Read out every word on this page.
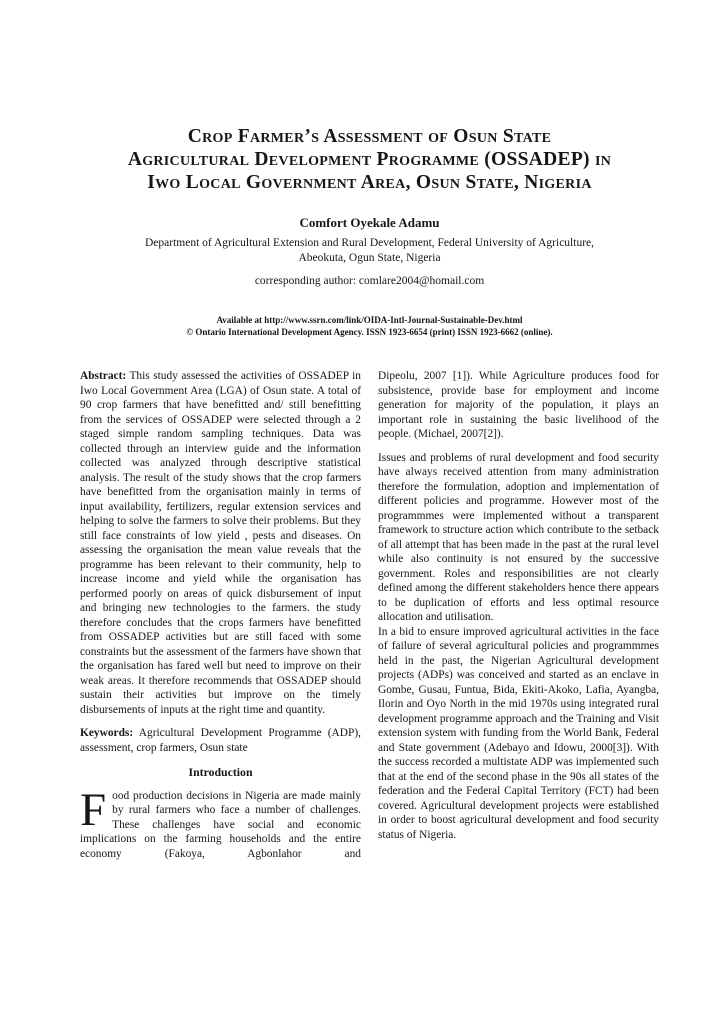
Crop Farmer’s Assessment of Osun State
Agricultural Development Programme (OSSADEP) in
Iwo Local Government Area, Osun State, Nigeria
Comfort Oyekale Adamu
Department of Agricultural Extension and Rural Development, Federal University of Agriculture,
Abeokuta, Ogun State, Nigeria
corresponding author: comlare2004@homail.com
Available at http://www.ssrn.com/link/OIDA-Intl-Journal-Sustainable-Dev.html
© Ontario International Development Agency. ISSN 1923-6654 (print) ISSN 1923-6662 (online).

Abstract: This study assessed the activities of OSSADEP in Iwo Local Government Area (LGA) of Osun state. A total of 90 crop farmers that have benefitted and/ still benefitting from the services of OSSADEP were selected through a 2 staged simple random sampling techniques. Data was collected through an interview guide and the information collected was analyzed through descriptive statistical analysis. The result of the study shows that the crop farmers have benefitted from the organisation mainly in terms of input availability, fertilizers, regular extension services and helping to solve the farmers to solve their problems. But they still face constraints of low yield , pests and diseases. On assessing the organisation the mean value reveals that the programme has been relevant to their community, help to increase income and yield while the organisation has performed poorly on areas of quick disbursement of input and bringing new technologies to the farmers. the study therefore concludes that the crops farmers have benefitted from OSSADEP activities but are still faced with some constraints but the assessment of the farmers have shown that the organisation has fared well but need to improve on their weak areas. It therefore recommends that OSSADEP should sustain their activities but improve on the timely disbursements of inputs at the right time and quantity.

Keywords: Agricultural Development Programme (ADP), assessment, crop farmers, Osun state

Introduction

Food production decisions in Nigeria are made mainly by rural farmers who face a number of challenges. These challenges have social and economic implications on the farming households and the entire economy (Fakoya, Agbonlahor and

Dipeolu, 2007 [1]). While Agriculture produces food for subsistence, provide base for employment and income generation for majority of the population, it plays an important role in sustaining the basic livelihood of the people. (Michael, 2007[2]).

Issues and problems of rural development and food security have always received attention from many administration therefore the formulation, adoption and implementation of different policies and programme. However most of the programmmes were implemented without a transparent framework to structure action which contribute to the setback of all attempt that has been made in the past at the rural level while also continuity is not ensured by the successive government. Roles and responsibilities are not clearly defined among the different stakeholders hence there appears to be duplication of efforts and less optimal resource allocation and utilisation.

In a bid to ensure improved agricultural activities in the face of failure of several agricultural policies and programmmes held in the past, the Nigerian Agricultural development projects (ADPs) was conceived and started as an enclave in Gombe, Gusau, Funtua, Bida, Ekiti-Akoko, Lafia, Ayangba, Ilorin and Oyo North in the mid 1970s using integrated rural development programme approach and the Training and Visit extension system with funding from the World Bank, Federal and State government (Adebayo and Idowu, 2000[3]). With the success recorded a multistate ADP was implemented such that at the end of the second phase in the 90s all states of the federation and the Federal Capital Territory (FCT) had been covered. Agricultural development projects were established in order to boost agricultural development and food security status of Nigeria.
